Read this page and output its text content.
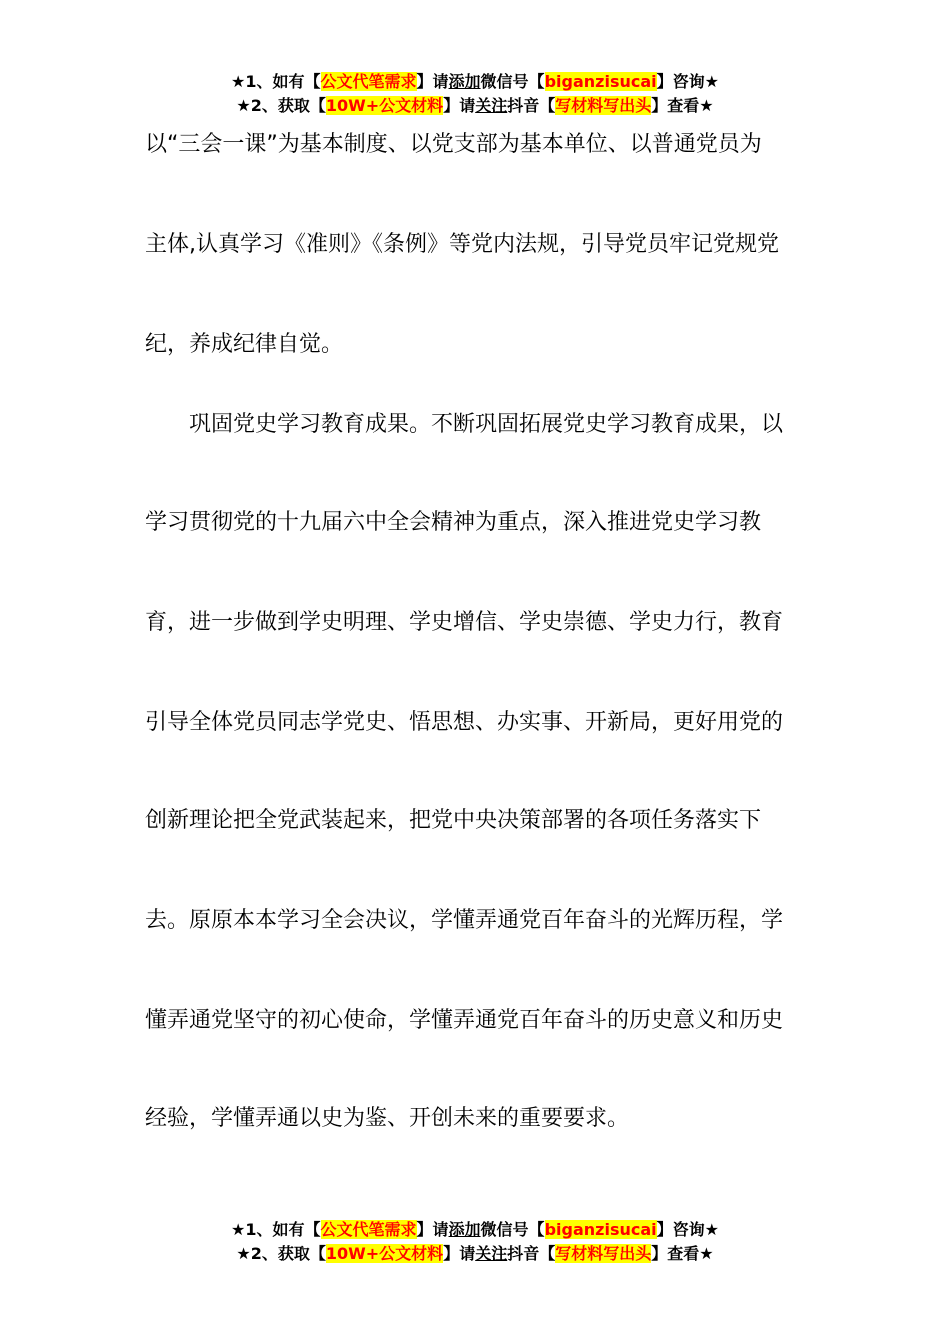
★1、如有【公文代笔需求】请添加微信号【biganzisucai】咨询★
★2、获取【10W+公文材料】请关注抖音【写材料写出头】查看★
以“三会一课”为基本制度、以党支部为基本单位、以普通党员为
主体,认真学习《准则》《条例》等党内法规，引导党员牢记党规党
纪，养成纪律自觉。
巩固党史学习教育成果。不断巩固拓展党史学习教育成果，以
学习贯彻党的十九届六中全会精神为重点，深入推进党史学习教
育，进一步做到学史明理、学史增信、学史崇德、学史力行，教育
引导全体党员同志学党史、悟思想、办实事、开新局，更好用党的
创新理论把全党武装起来，把党中央决策部署的各项任务落实下
去。原原本本学习全会决议，学懂弄通党百年奋斗的光辉历程，学
懂弄通党坚守的初心使命，学懂弄通党百年奋斗的历史意义和历史
经验，学懂弄通以史为鉴、开创未来的重要要求。
★1、如有【公文代笔需求】请添加微信号【biganzisucai】咨询★
★2、获取【10W+公文材料】请关注抖音【写材料写出头】查看★
